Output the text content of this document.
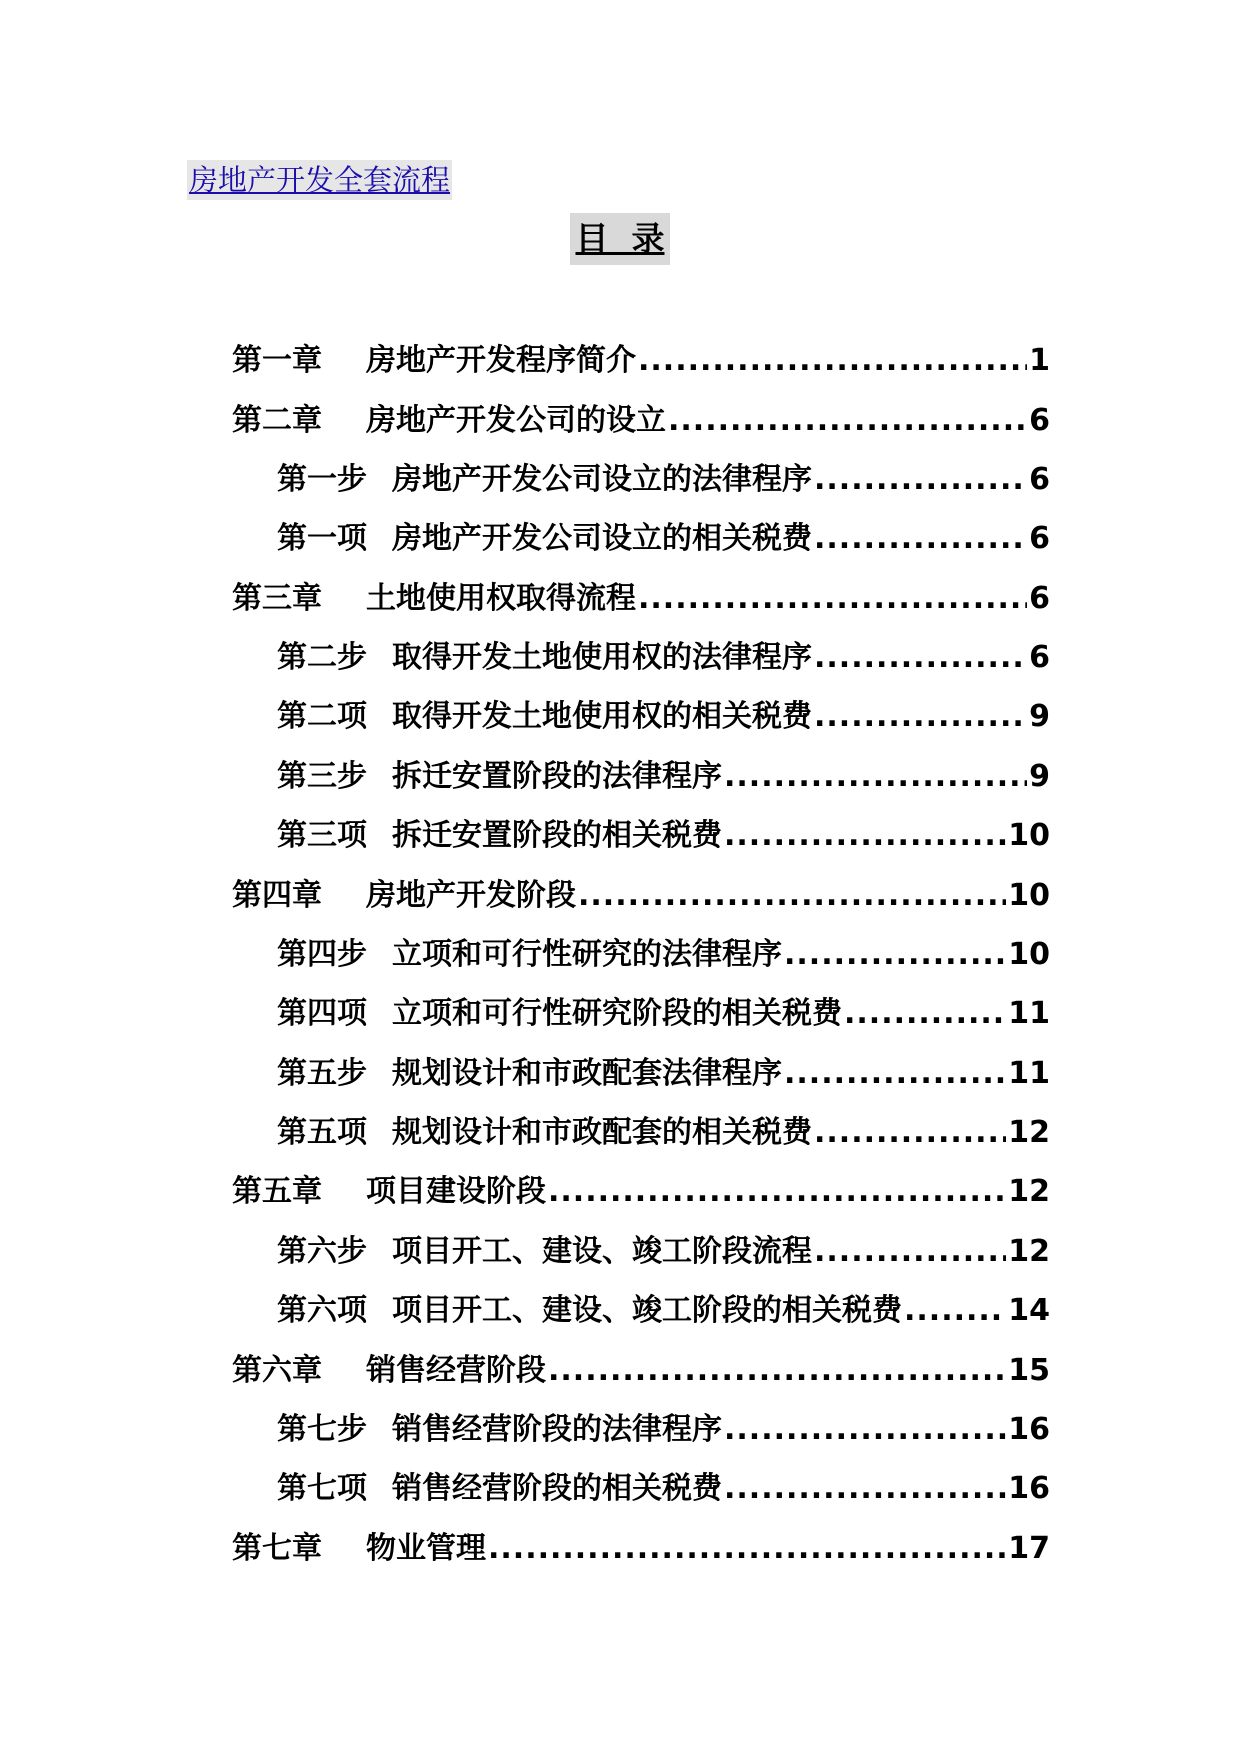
房地产开发全套流程
目  录
第一章	房地产开发程序简介 .....	1
第二章	房地产开发公司的设立 .....	6
第一步 房地产开发公司设立的法律程序 .....	6
第一项 房地产开发公司设立的相关税费 .....	6
第三章	土地使用权取得流程 .....	6
第二步 取得开发土地使用权的法律程序 .....	6
第二项 取得开发土地使用权的相关税费 .....	9
第三步 拆迁安置阶段的法律程序 .....	9
第三项 拆迁安置阶段的相关税费 .....	10
第四章	房地产开发阶段 .....	10
第四步 立项和可行性研究的法律程序 .....	10
第四项 立项和可行性研究阶段的相关税费 .....	11
第五步 规划设计和市政配套法律程序 .....	11
第五项 规划设计和市政配套的相关税费 .....	12
第五章	项目建设阶段 .....	12
第六步 项目开工、建设、竣工阶段流程 .....	12
第六项 项目开工、建设、竣工阶段的相关税费 .....	14
第六章	销售经营阶段 .....	15
第七步 销售经营阶段的法律程序 .....	16
第七项 销售经营阶段的相关税费 .....	16
第七章	物业管理 .....	17
